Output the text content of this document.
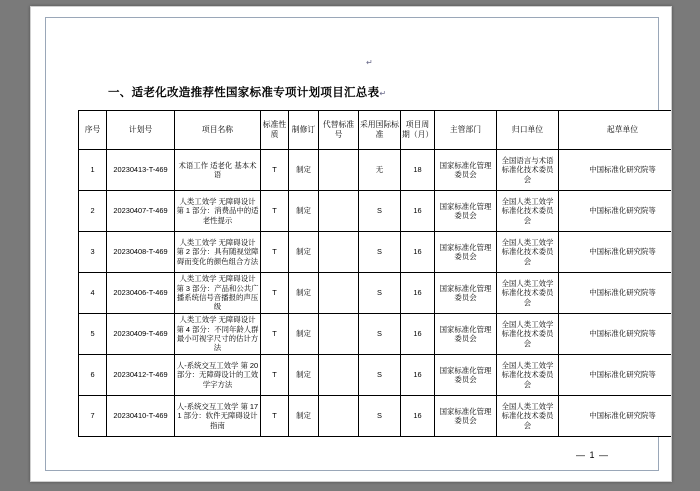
↵
一、适老化改造推荐性国家标准专项计划项目汇总表↵
序号	计划号	项目名称	标准性质	制修订	代替标准号	采用国际标准	项目周期（月）	主管部门	归口单位	起草单位
1	20230413-T-469	术语工作 适老化 基本术语	T	制定		无	18	国家标准化管理委员会	全国语言与术语标准化技术委员会	中国标准化研究院等
2	20230407-T-469	人类工效学 无障碍设计 第 1 部分：消费品中的适老性提示	T	制定		S	16	国家标准化管理委员会	全国人类工效学标准化技术委员会	中国标准化研究院等
3	20230408-T-469	人类工效学 无障碍设计 第 2 部分：具有随视觉障碍而变化的颜色组合方法	T	制定		S	16	国家标准化管理委员会	全国人类工效学标准化技术委员会	中国标准化研究院等
4	20230406-T-469	人类工效学 无障碍设计 第 3 部分：产品和公共广播系统信号音播报的声压级	T	制定		S	16	国家标准化管理委员会	全国人类工效学标准化技术委员会	中国标准化研究院等
5	20230409-T-469	人类工效学 无障碍设计 第 4 部分：不同年龄人群最小可视字尺寸的估计方法	T	制定		S	16	国家标准化管理委员会	全国人类工效学标准化技术委员会	中国标准化研究院等
6	20230412-T-469	人-系统交互工效学 第 20 部分：无障碍设计的工效学字方法	T	制定		S	16	国家标准化管理委员会	全国人类工效学标准化技术委员会	中国标准化研究院等
7	20230410-T-469	人-系统交互工效学 第 171 部分：软件无障碍设计指南	T	制定		S	16	国家标准化管理委员会	全国人类工效学标准化技术委员会	中国标准化研究院等
— 1 —
